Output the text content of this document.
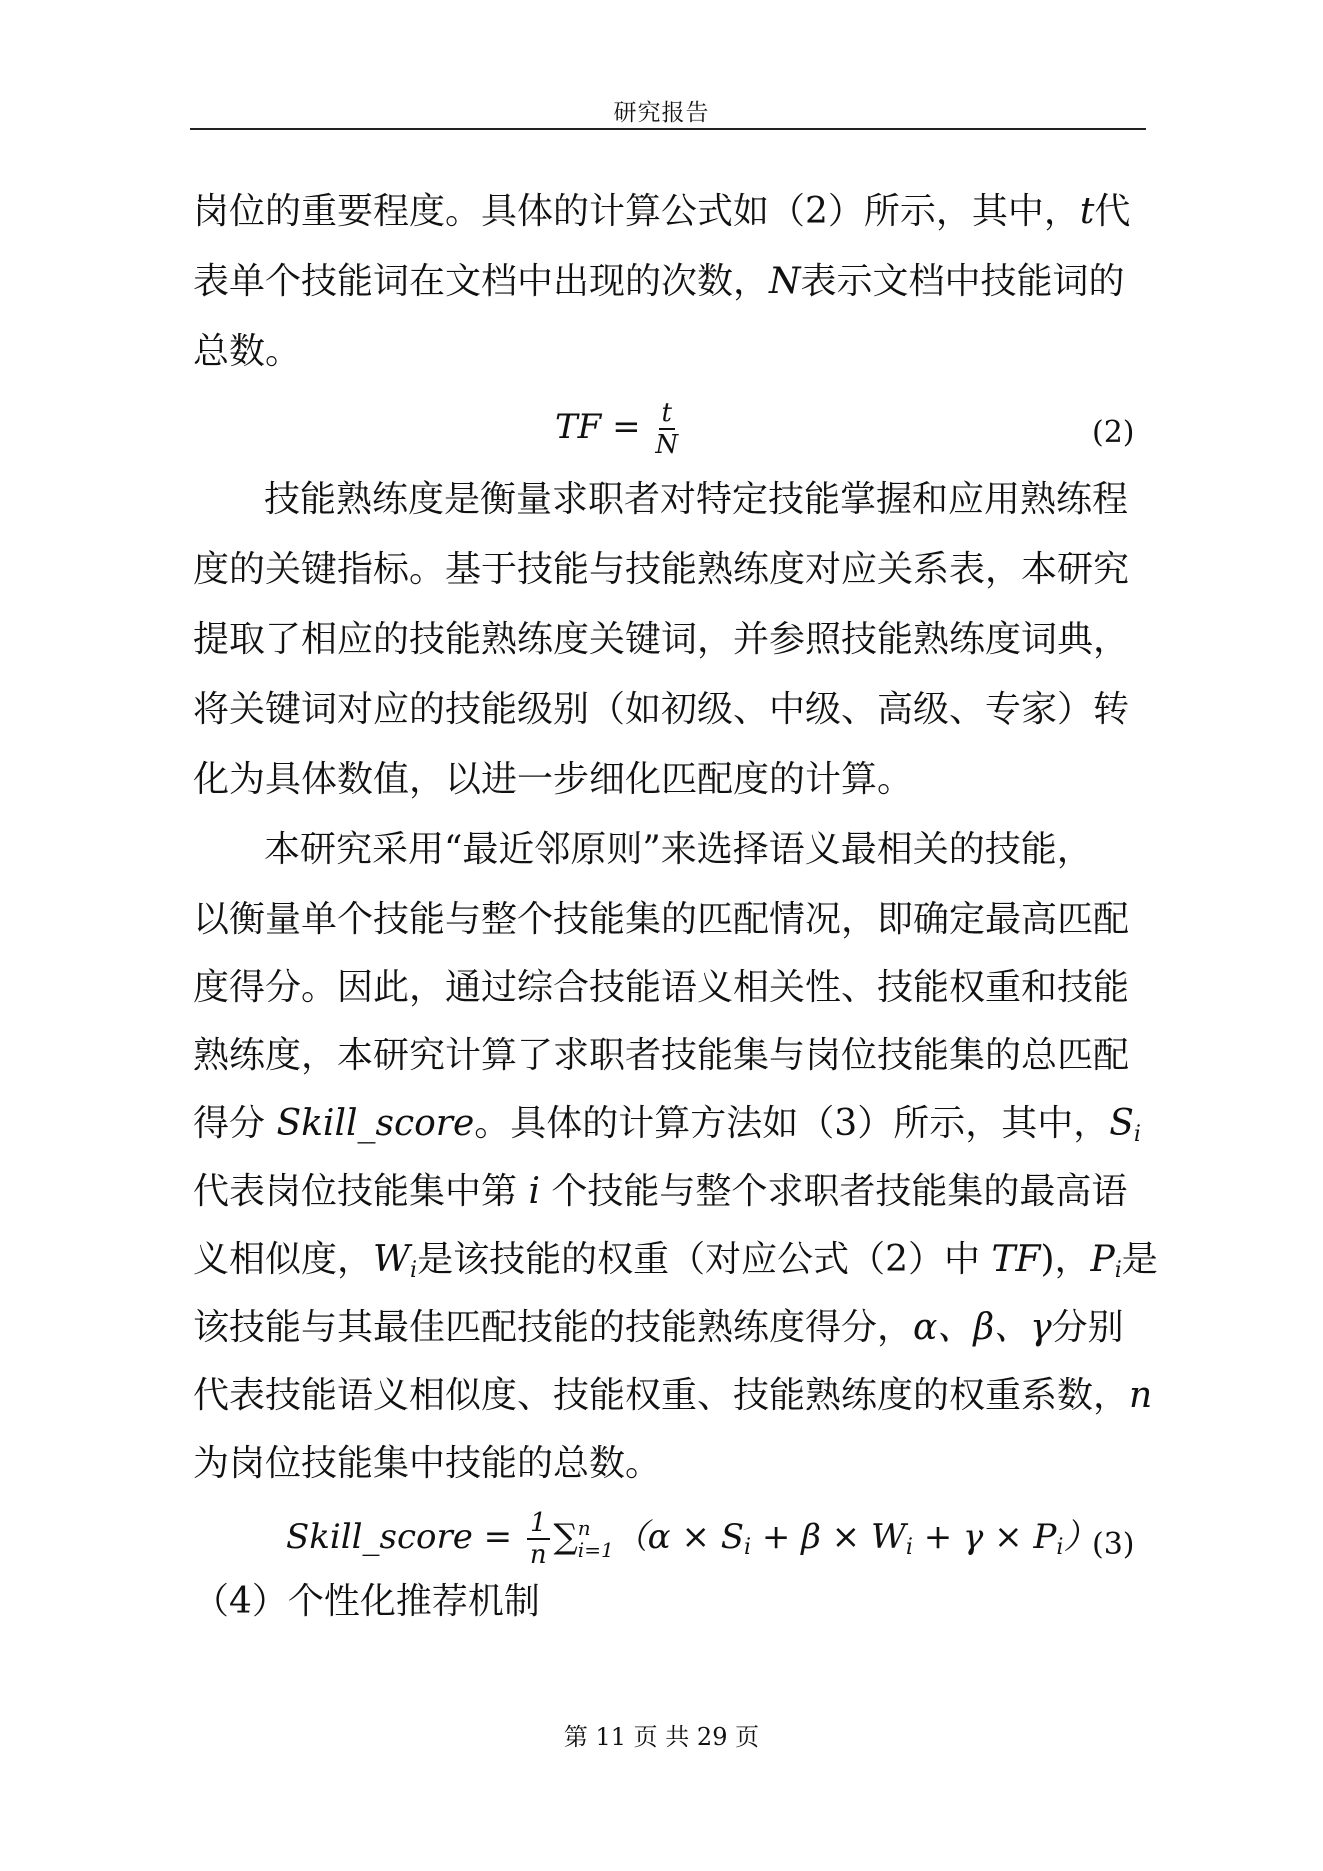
研究报告
岗位的重要程度。具体的计算公式如（2）所示，其中，t代
表单个技能词在文档中出现的次数，N表示文档中技能词的
总数。
TF = $\frac{t}{N}$	(2)
技能熟练度是衡量求职者对特定技能掌握和应用熟练程
度的关键指标。基于技能与技能熟练度对应关系表，本研究
提取了相应的技能熟练度关键词，并参照技能熟练度词典，
将关键词对应的技能级别（如初级、中级、高级、专家）转
化为具体数值，以进一步细化匹配度的计算。
本研究采用“最近邻原则”来选择语义最相关的技能，
以衡量单个技能与整个技能集的匹配情况，即确定最高匹配
度得分。因此，通过综合技能语义相关性、技能权重和技能
熟练度，本研究计算了求职者技能集与岗位技能集的总匹配
得分 Skill_score。具体的计算方法如（3）所示，其中，$S_i$
代表岗位技能集中第 i 个技能与整个求职者技能集的最高语
义相似度，$W_i$是该技能的权重（对应公式（2）中 TF)，$P_i$是
该技能与其最佳匹配技能的技能熟练度得分，α、β、γ分别
代表技能语义相似度、技能权重、技能熟练度的权重系数，n
为岗位技能集中技能的总数。
Skill_score = $\frac{1}{n}$ ∑ n
i=1 $(\alpha \times S_i + \beta \times W_i + \gamma \times P_i)$
(3)
（4）个性化推荐机制
第 11 页 共 29 页
